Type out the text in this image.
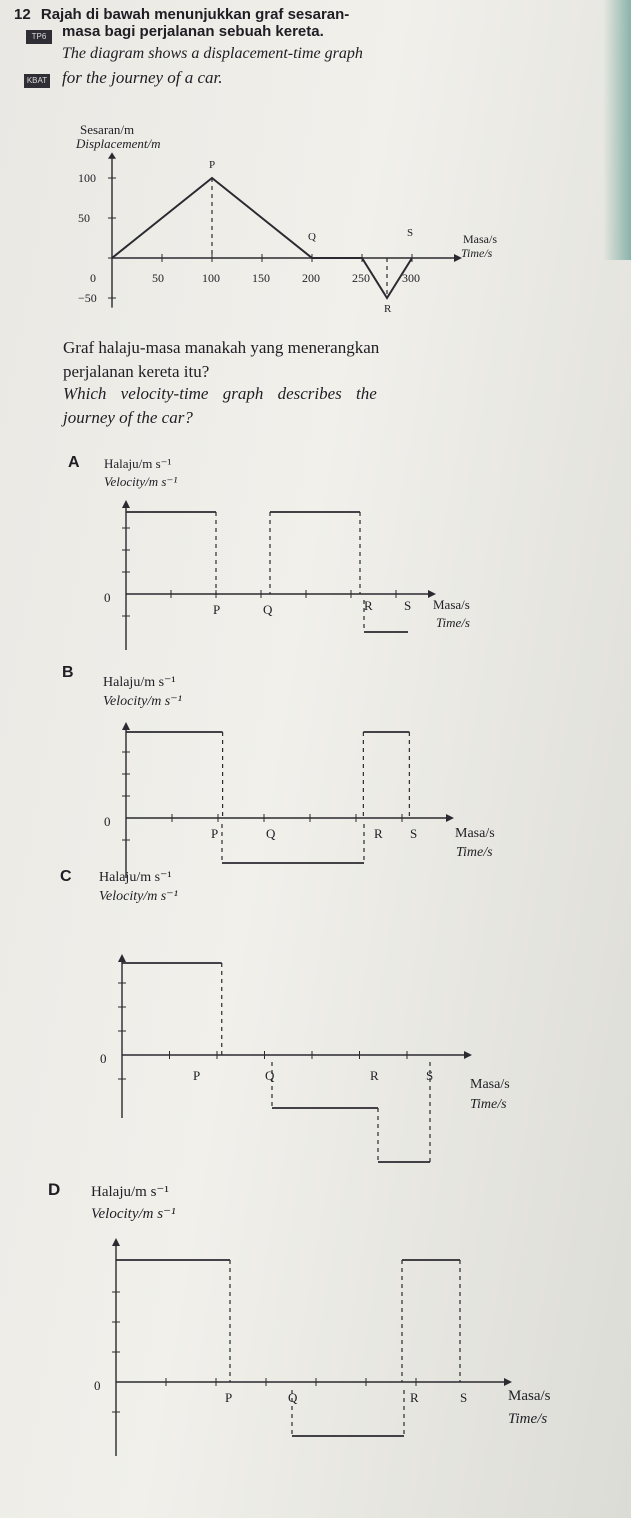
12 Rajah di bawah menunjukkan graf sesaran-
TP6	masa bagi perjalanan sebuah kereta.
The diagram shows a displacement-time graph
KBAT for the journey of a car.
Sesaran/m
Displacement/m
Masa/s
Time/s
100
50
0
−50
50	100	150	200	250	300
P
Q
R
S
Graf halaju-masa manakah yang menerangkan
perjalanan kereta itu?
Which velocity-time graph describes the
journey of the car?
A Halaju/m s⁻¹
Velocity/m s⁻¹
Masa/s
Time/s
0
P	Q	R S
B
Halaju/m s⁻¹
Velocity/m s⁻¹
Masa/s
Time/s
0
P	Q	R S
C Halaju/m s⁻¹
Velocity/m s⁻¹
Masa/s
Time/s
0
P	Q	R	S
D Halaju/m s⁻¹
Velocity/m s⁻¹
Masa/s
Time/s
0
P	Q	R	S
